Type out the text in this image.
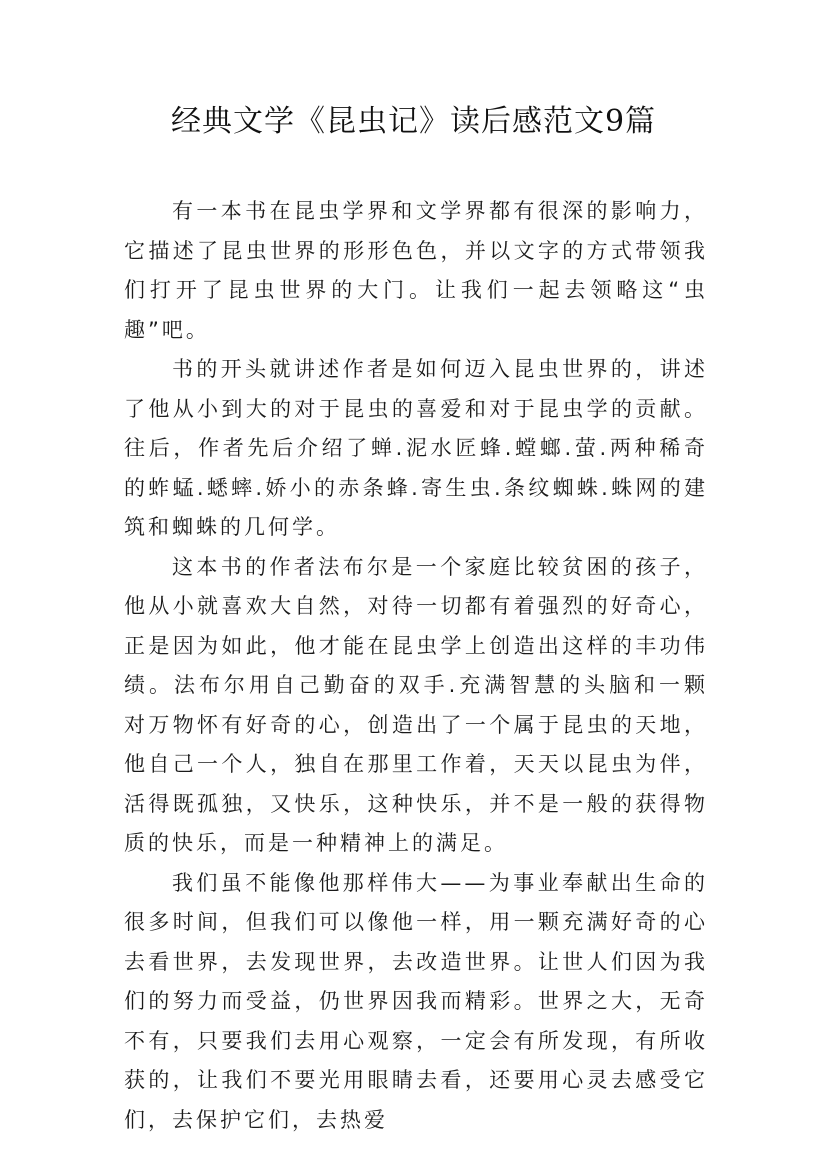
经典文学《昆虫记》读后感范文9篇

有一本书在昆虫学界和文学界都有很深的影响力，它描述了昆虫世界的形形色色，并以文字的方式带领我们打开了昆虫世界的大门。让我们一起去领略这“虫趣”吧。

书的开头就讲述作者是如何迈入昆虫世界的，讲述了他从小到大的对于昆虫的喜爱和对于昆虫学的贡献。往后，作者先后介绍了蝉.泥水匠蜂.螳螂.萤.两种稀奇的蚱蜢.蟋蟀.娇小的赤条蜂.寄生虫.条纹蜘蛛.蛛网的建筑和蜘蛛的几何学。

这本书的作者法布尔是一个家庭比较贫困的孩子，他从小就喜欢大自然，对待一切都有着强烈的好奇心，正是因为如此，他才能在昆虫学上创造出这样的丰功伟绩。法布尔用自己勤奋的双手.充满智慧的头脑和一颗对万物怀有好奇的心，创造出了一个属于昆虫的天地，他自己一个人，独自在那里工作着，天天以昆虫为伴，活得既孤独，又快乐，这种快乐，并不是一般的获得物质的快乐，而是一种精神上的满足。

我们虽不能像他那样伟大——为事业奉献出生命的很多时间，但我们可以像他一样，用一颗充满好奇的心去看世界，去发现世界，去改造世界。让世人们因为我们的努力而受益，仍世界因我而精彩。世界之大，无奇不有，只要我们去用心观察，一定会有所发现，有所收获的，让我们不要光用眼睛去看，还要用心灵去感受它们，去保护它们，去热爱
